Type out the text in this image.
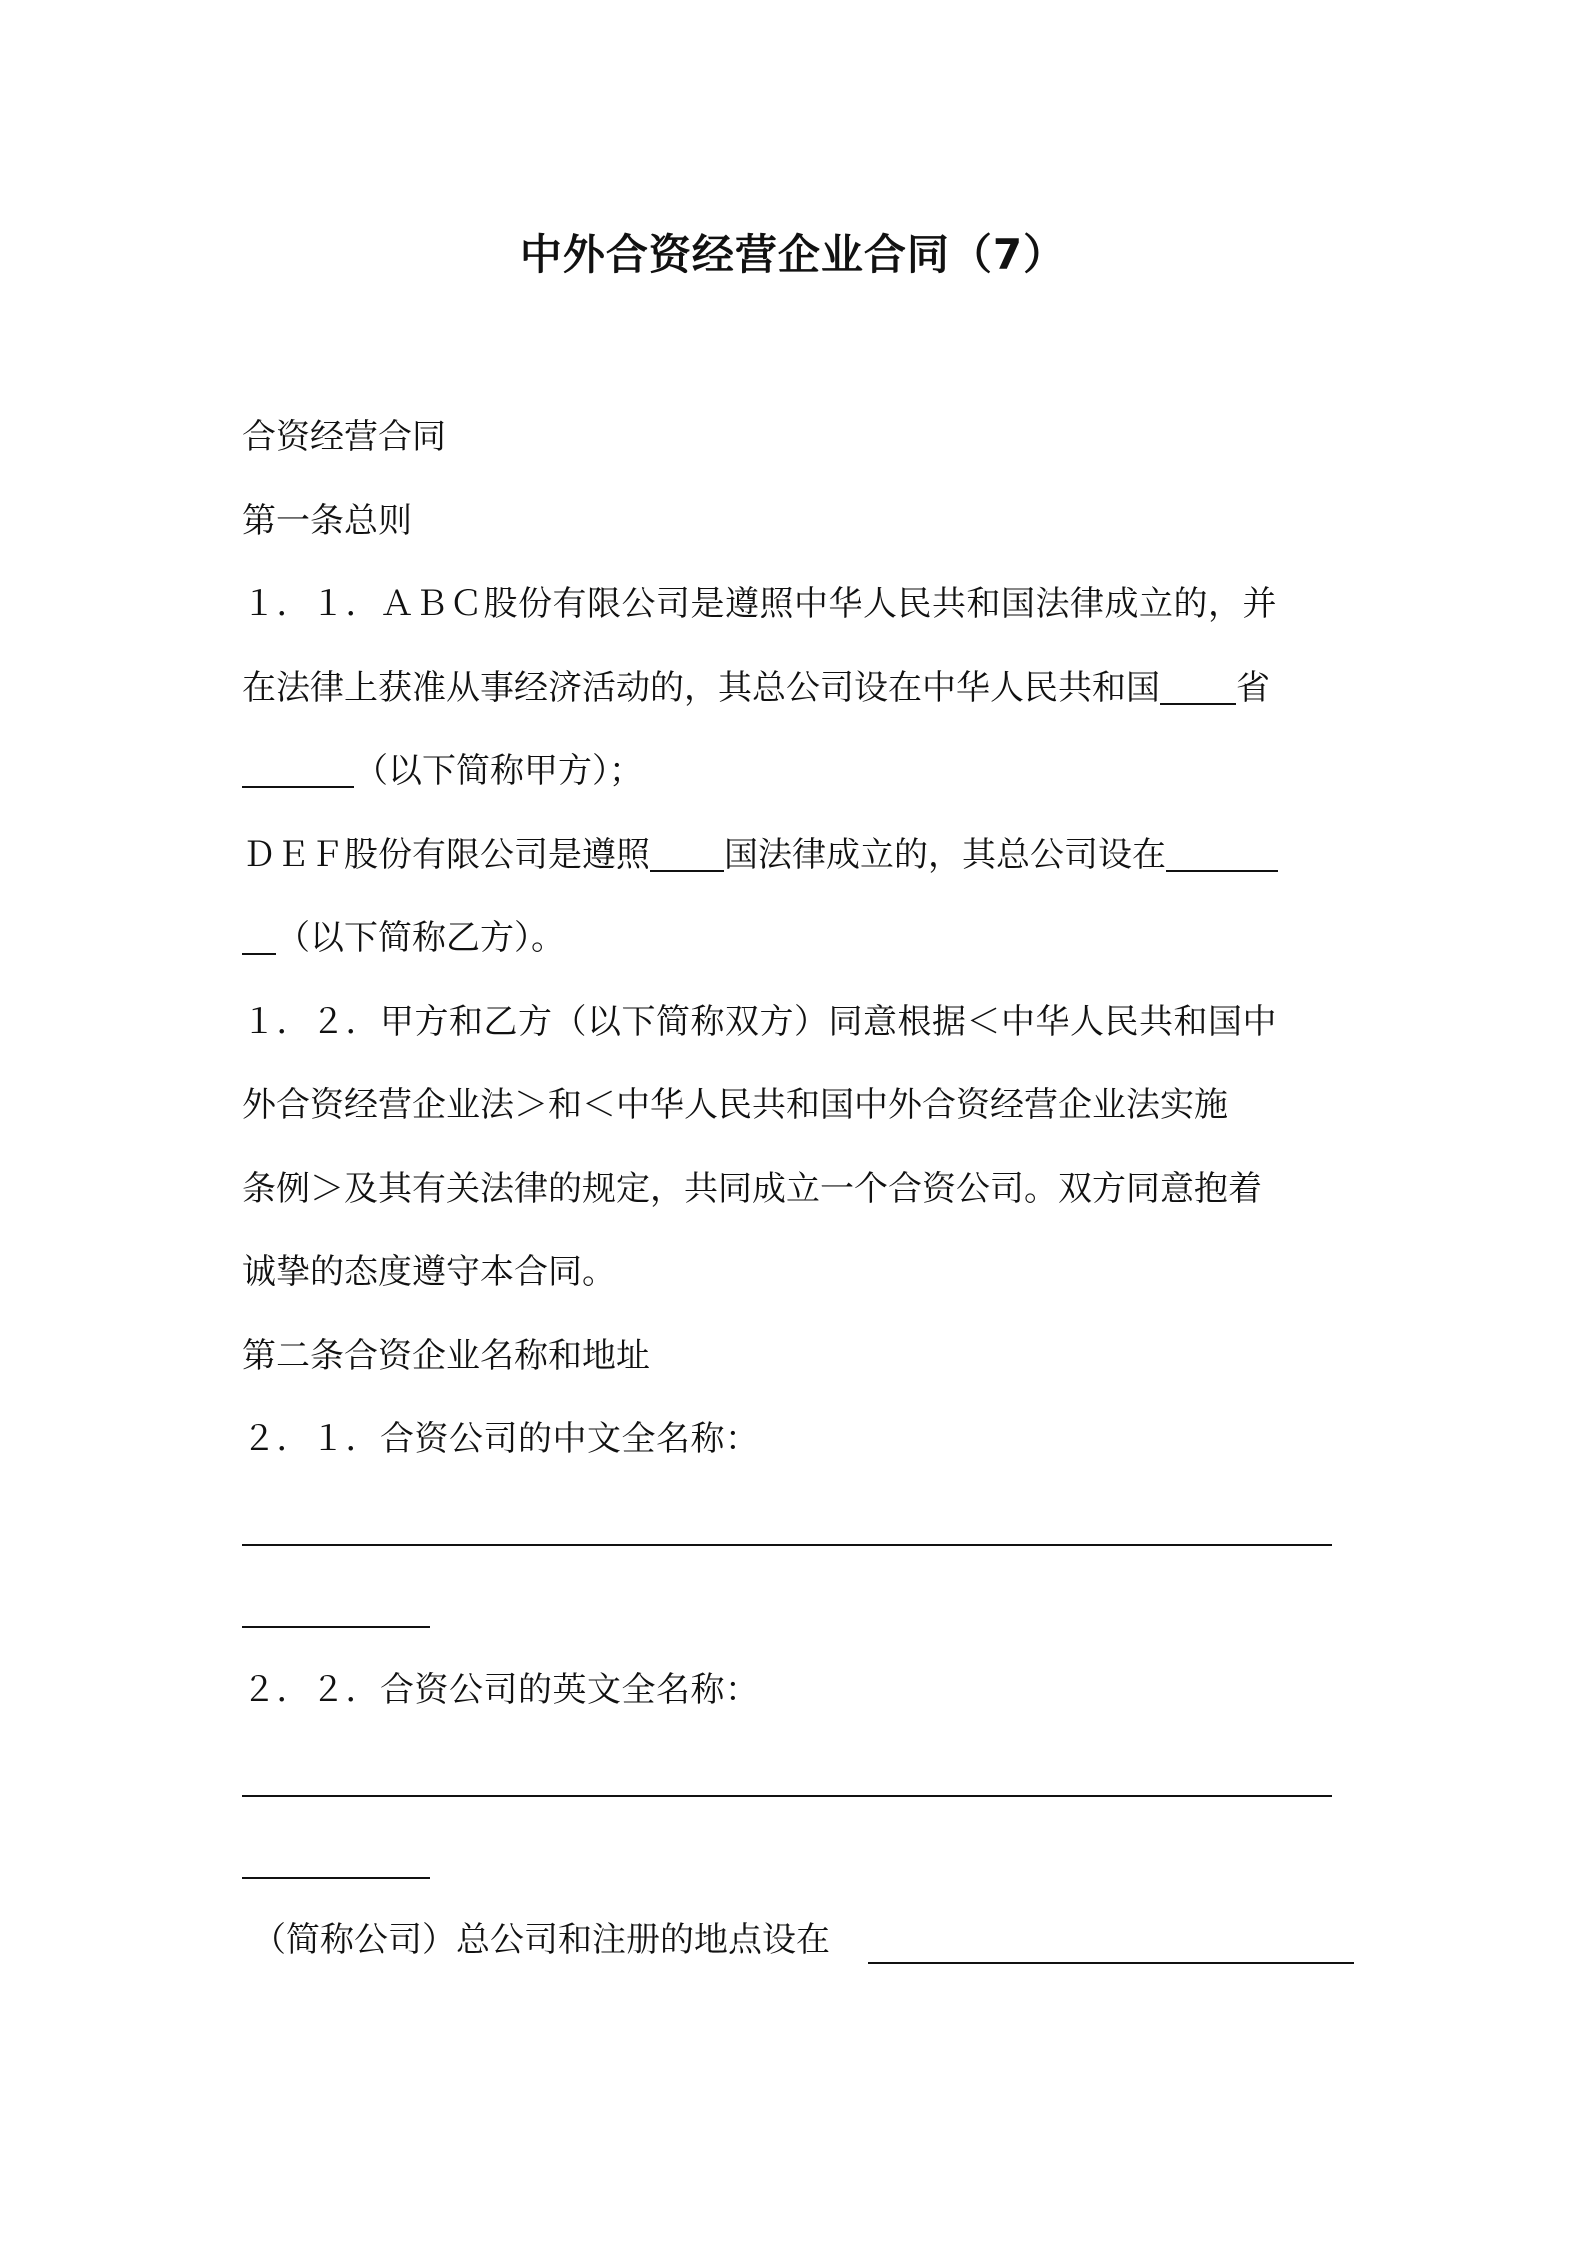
中外合资经营企业合同（7）
合资经营合同
第一条总则
１．１．ＡＢＣ股份有限公司是遵照中华人民共和国法律成立的，并
在法律上获准从事经济活动的，其总公司设在中华人民共和国 省
（以下简称甲方）；
ＤＥＦ股份有限公司是遵照 国法律成立的，其总公司设在
（以下简称乙方）。
１．２．甲方和乙方（以下简称双方）同意根据＜中华人民共和国中
外合资经营企业法＞和＜中华人民共和国中外合资经营企业法实施
条例＞及其有关法律的规定，共同成立一个合资公司。双方同意抱着
诚挚的态度遵守本合同。
第二条合资企业名称和地址
２．１．合资公司的中文全名称：
２．２．合资公司的英文全名称：
（简称公司）总公司和注册的地点设在
